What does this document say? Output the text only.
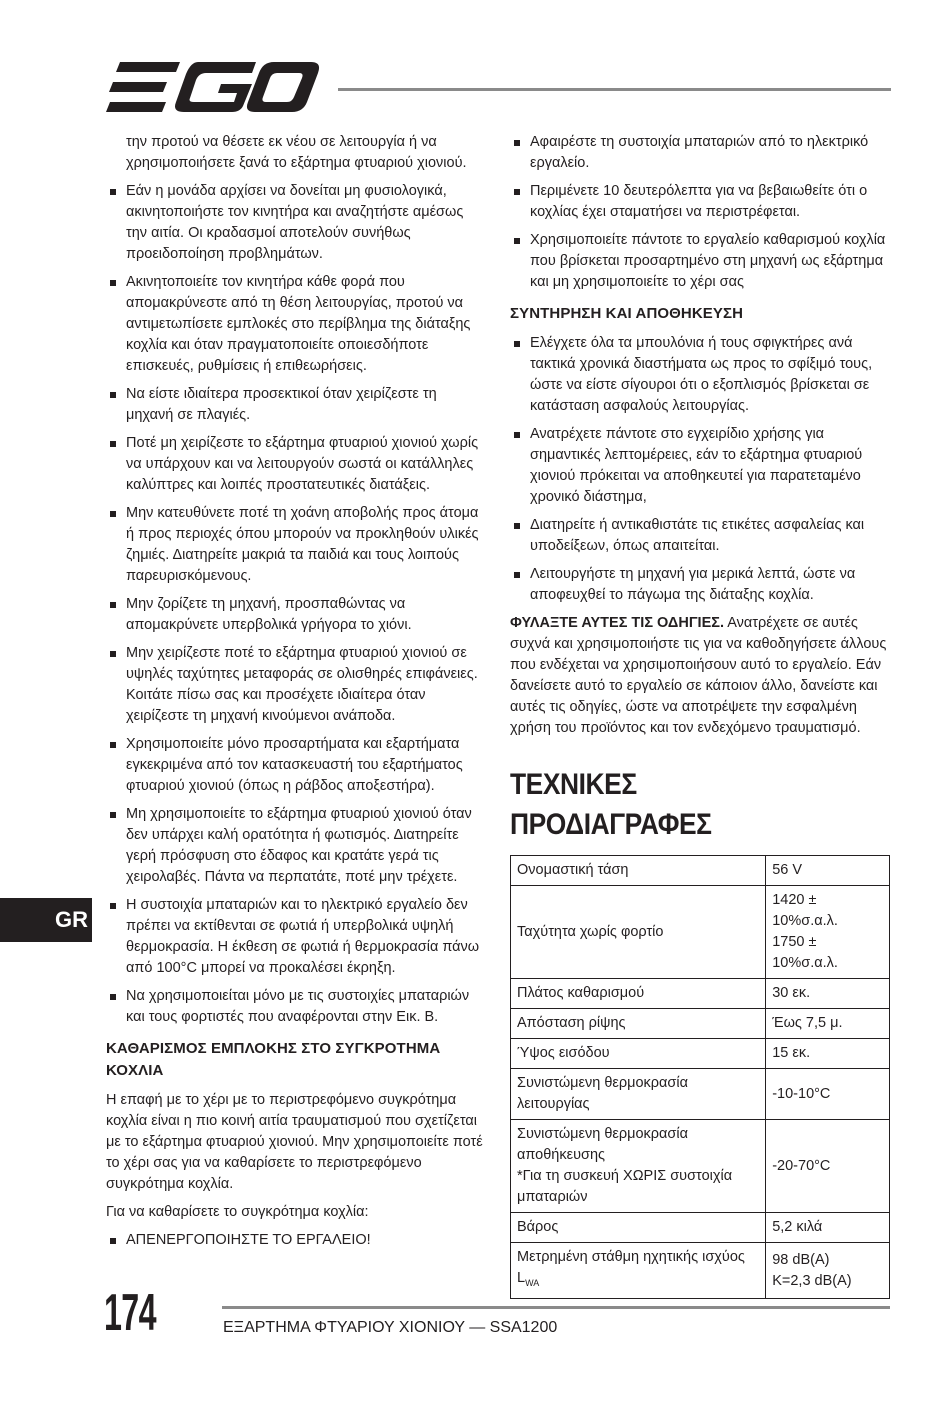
την προτού να θέσετε εκ νέου σε λειτουργία ή να χρησιμοποιήσετε ξανά το εξάρτημα φτυαριού χιονιού.

Εάν η μονάδα αρχίσει να δονείται μη φυσιολογικά, ακινητοποιήστε τον κινητήρα και αναζητήστε αμέσως την αιτία. Οι κραδασμοί αποτελούν συνήθως προειδοποίηση προβλημάτων.
Ακινητοποιείτε τον κινητήρα κάθε φορά που απομακρύνεστε από τη θέση λειτουργίας, προτού να αντιμετωπίσετε εμπλοκές στο περίβλημα της διάταξης κοχλία και όταν πραγματοποιείτε οποιεσδήποτε επισκευές, ρυθμίσεις ή επιθεωρήσεις.
Να είστε ιδιαίτερα προσεκτικοί όταν χειρίζεστε τη μηχανή σε πλαγιές.
Ποτέ μη χειρίζεστε το εξάρτημα φτυαριού χιονιού χωρίς να υπάρχουν και να λειτουργούν σωστά οι κατάλληλες καλύπτρες και λοιπές προστατευτικές διατάξεις.
Μην κατευθύνετε ποτέ τη χοάνη αποβολής προς άτομα ή προς περιοχές όπου μπορούν να προκληθούν υλικές ζημιές. Διατηρείτε μακριά τα παιδιά και τους λοιπούς παρευρισκόμενους.
Μην ζορίζετε τη μηχανή, προσπαθώντας να απομακρύνετε υπερβολικά γρήγορα το χιόνι.
Μην χειρίζεστε ποτέ το εξάρτημα φτυαριού χιονιού σε υψηλές ταχύτητες μεταφοράς σε ολισθηρές επιφάνειες. Κοιτάτε πίσω σας και προσέχετε ιδιαίτερα όταν χειρίζεστε τη μηχανή κινούμενοι ανάποδα.
Χρησιμοποιείτε μόνο προσαρτήματα και εξαρτήματα εγκεκριμένα από τον κατασκευαστή του εξαρτήματος φτυαριού χιονιού (όπως η ράβδος αποξεστήρα).
Μη χρησιμοποιείτε το εξάρτημα φτυαριού χιονιού όταν δεν υπάρχει καλή ορατότητα ή φωτισμός. Διατηρείτε γερή πρόσφυση στο έδαφος και κρατάτε γερά τις χειρολαβές. Πάντα να περπατάτε, ποτέ μην τρέχετε.
Η συστοιχία μπαταριών και το ηλεκτρικό εργαλείο δεν πρέπει να εκτίθενται σε φωτιά ή υπερβολικά υψηλή θερμοκρασία. Η έκθεση σε φωτιά ή θερμοκρασία πάνω από 100°C μπορεί να προκαλέσει έκρηξη.
Να χρησιμοποιείται μόνο με τις συστοιχίες μπαταριών και τους φορτιστές που αναφέρονται στην Εικ. Β.
ΚΑΘΑΡΙΣΜΟΣ ΕΜΠΛΟΚΗΣ ΣΤΟ ΣΥΓΚΡΟΤΗΜΑ ΚΟΧΛΙΑ

Η επαφή με το χέρι με το περιστρεφόμενο συγκρότημα κοχλία είναι η πιο κοινή αιτία τραυματισμού που σχετίζεται με το εξάρτημα φτυαριού χιονιού. Μην χρησιμοποιείτε ποτέ το χέρι σας για να καθαρίσετε το περιστρεφόμενο συγκρότημα κοχλία.

Για να καθαρίσετε το συγκρότημα κοχλία:

ΑΠΕΝΕΡΓΟΠΟΙΗΣΤΕ ΤΟ ΕΡΓΑΛΕΙΟ!
Αφαιρέστε τη συστοιχία μπαταριών από το ηλεκτρικό εργαλείο.
Περιμένετε 10 δευτερόλεπτα για να βεβαιωθείτε ότι ο κοχλίας έχει σταματήσει να περιστρέφεται.
Χρησιμοποιείτε πάντοτε το εργαλείο καθαρισμού κοχλία που βρίσκεται προσαρτημένο στη μηχανή ως εξάρτημα και μη χρησιμοποιείτε το χέρι σας
ΣΥΝΤΗΡΗΣΗ ΚΑΙ ΑΠΟΘΗΚΕΥΣΗ
Ελέγχετε όλα τα μπουλόνια ή τους σφιγκτήρες ανά τακτικά χρονικά διαστήματα ως προς το σφίξιμό τους, ώστε να είστε σίγουροι ότι ο εξοπλισμός βρίσκεται σε κατάσταση ασφαλούς λειτουργίας.
Ανατρέχετε πάντοτε στο εγχειρίδιο χρήσης για σημαντικές λεπτομέρειες, εάν το εξάρτημα φτυαριού χιονιού πρόκειται να αποθηκευτεί για παρατεταμένο χρονικό διάστημα,
Διατηρείτε ή αντικαθιστάτε τις ετικέτες ασφαλείας και υποδείξεων, όπως απαιτείται.
Λειτουργήστε τη μηχανή για μερικά λεπτά, ώστε να αποφευχθεί το πάγωμα της διάταξης κοχλία.

ΦΥΛΑΞΤΕ ΑΥΤΕΣ ΤΙΣ ΟΔΗΓΙΕΣ. Ανατρέχετε σε αυτές συχνά και χρησιμοποιήστε τις για να καθοδηγήσετε άλλους που ενδέχεται να χρησιμοποιήσουν αυτό το εργαλείο. Εάν δανείσετε αυτό το εργαλείο σε κάποιον άλλο, δανείστε και αυτές τις οδηγίες, ώστε να αποτρέψετε την εσφαλμένη χρήση του προϊόντος και τον ενδεχόμενο τραυματισμό.

ΤΕΧΝΙΚΕΣ ΠΡΟΔΙΑΓΡΑΦΕΣ
Ονομαστική τάση	56 V
Ταχύτητα χωρίς φορτίο	1420 ± 10%σ.α.λ.
1750 ± 10%σ.α.λ.

Πλάτος καθαρισμού	30 εκ.
Απόσταση ρίψης	Έως 7,5 μ.
Ύψος εισόδου	15 εκ.
Συνιστώμενη θερμοκρασία λειτουργίας	-10-10°C

Συνιστώμενη θερμοκρασία αποθήκευσης
*Για τη συσκευή ΧΩΡΙΣ συστοιχία μπαταριών	-20-70°C
Βάρος	5,2 κιλά
Μετρημένη στάθμη ηχητικής ισχύος $L_{WA}$	98 dB(A)
K=2,3 dB(A)
GR
174	ΕΞΑΡΤΗΜΑ ΦΤΥΑΡΙΟΥ ΧΙΟΝΙΟΥ — SSA1200
